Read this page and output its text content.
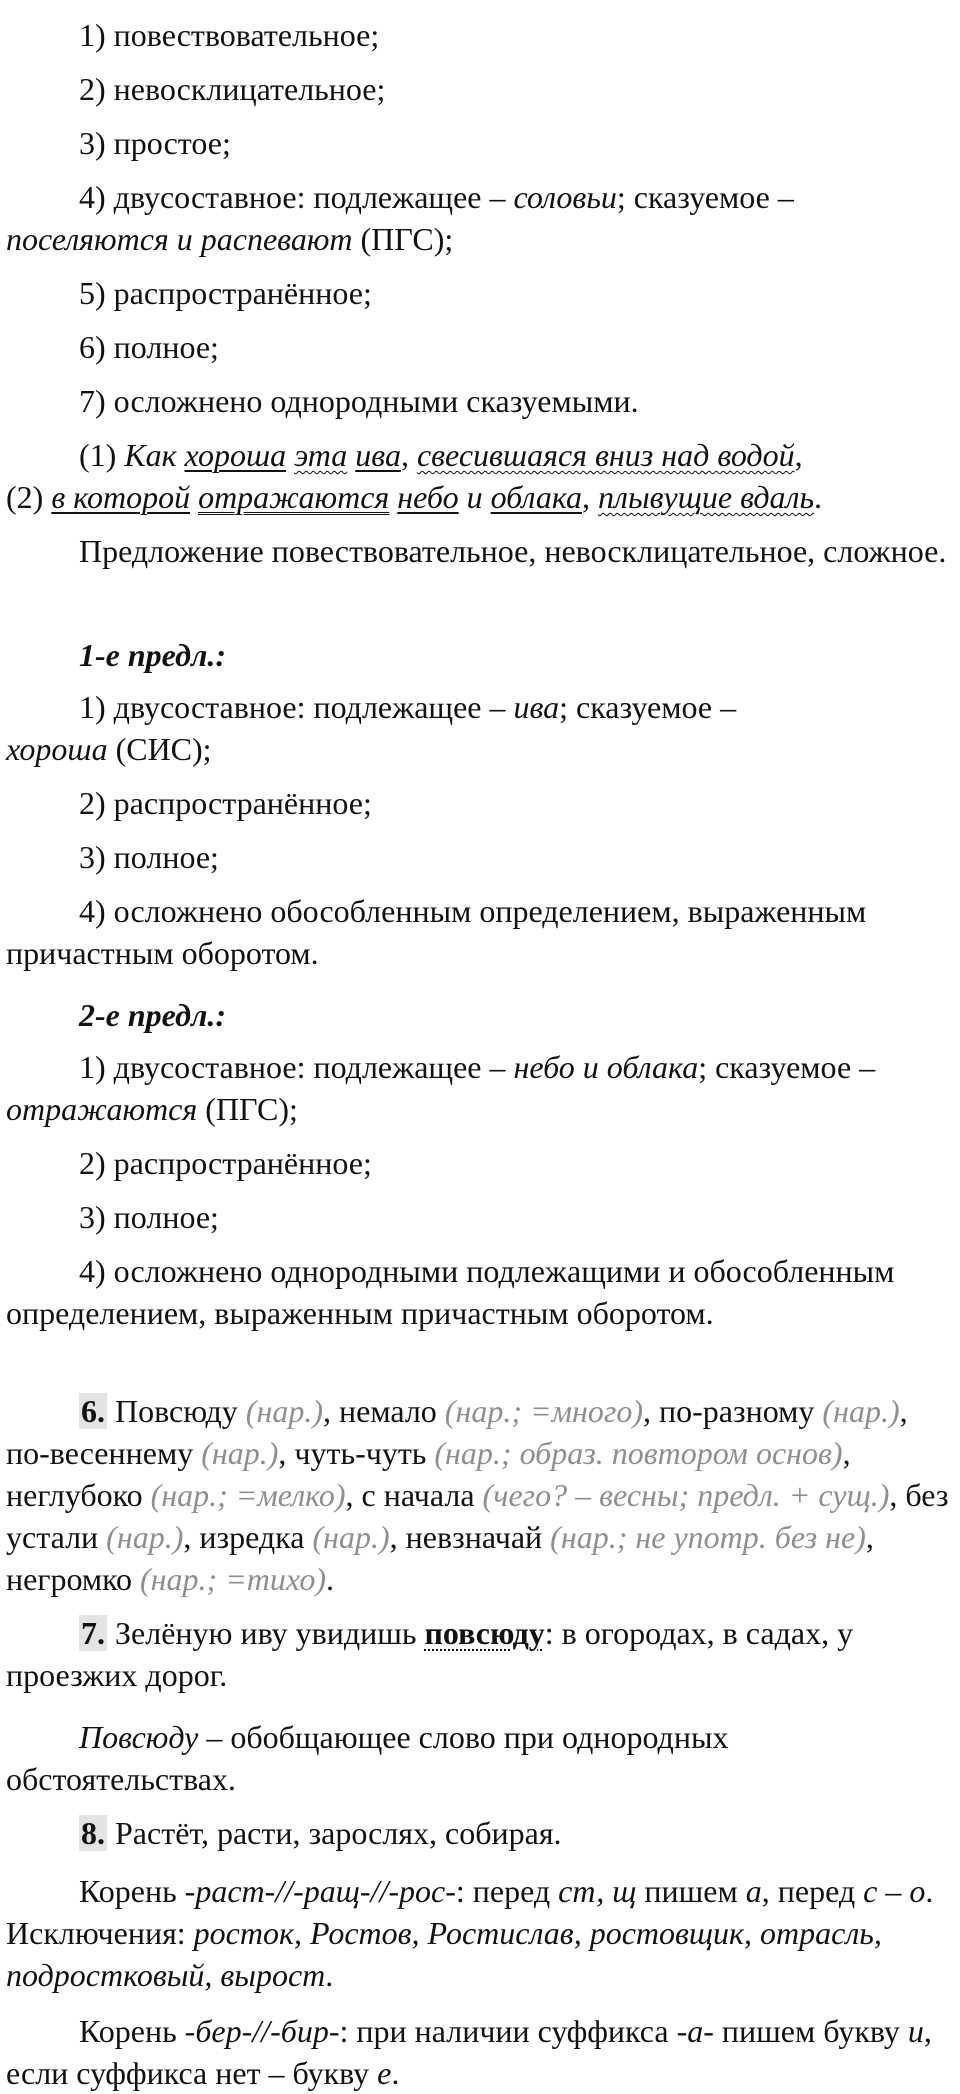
1) повествовательное;

2) невосклицательное;

3) простое;

4) двусоставное: подлежащее – соловьи; сказуемое –
поселяются и распевают (ПГС);

5) распространённое;

6) полное;

7) осложнено однородными сказуемыми.

(1) Как хороша эта ива, свесившаяся вниз над водой,
(2) в которой отражаются небо и облака, плывущие вдаль.

Предложение повествовательное, невосклицательное, сложное.

1-е предл.:

1) двусоставное: подлежащее – ива; сказуемое –
хороша (СИС);

2) распространённое;

3) полное;

4) осложнено обособленным определением, выраженным причастным оборотом.

2-е предл.:

1) двусоставное: подлежащее – небо и облака; сказуемое – отражаются (ПГС);

2) распространённое;

3) полное;

4) осложнено однородными подлежащими и обособленным определением, выраженным причастным оборотом.

6. Повсюду (нар.), немало (нар.; =много), по-разному (нар.), по-весеннему (нар.), чуть-чуть (нар.; образ. повтором основ), неглубоко (нар.; =мелко), с начала (чего? – весны; предл. + сущ.), без устали (нар.), изредка (нар.), невзначай (нар.; не употр. без не), негромко (нар.; =тихо).

7. Зелёную иву увидишь повсюду: в огородах, в садах, у проезжих дорог.

Повсюду – обобщающее слово при однородных обстоятельствах.

8. Растёт, расти, зарослях, собирая.

Корень -раст-//-ращ-//-рос-: перед ст, щ пишем а, перед с – о. Исключения: росток, Ростов, Ростислав, ростовщик, отрасль, подростковый, вырост.

Корень -бер-//-бир-: при наличии суффикса -а- пишем букву и, если суффикса нет – букву е.
